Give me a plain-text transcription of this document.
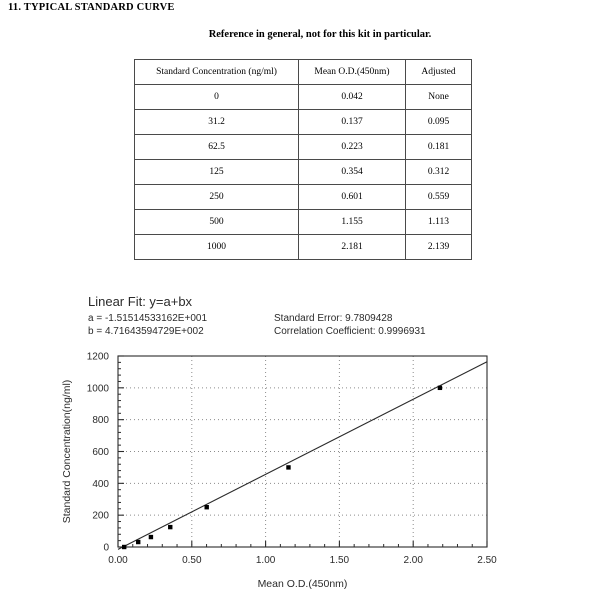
11. TYPICAL STANDARD CURVE
Reference in general, not for this kit in particular.
Standard Concentration (ng/ml)	Mean O.D.(450nm)	Adjusted
0	0.042	None
31.2	0.137	0.095
62.5	0.223	0.181
125	0.354	0.312
250	0.601	0.559
500	1.155	1.113
1000	2.181	2.139
Linear Fit: y=a+bx
a = -1.51514533162E+001
b = 4.71643594729E+002
Standard Error: 9.7809428
Correlation Coefficient: 0.9996931
0
200
400
600
800
1000
1200
0.00	0.50	1.00	1.50	2.00	2.50
Mean O.D.(450nm)
Standard Concentration(ng/ml)
